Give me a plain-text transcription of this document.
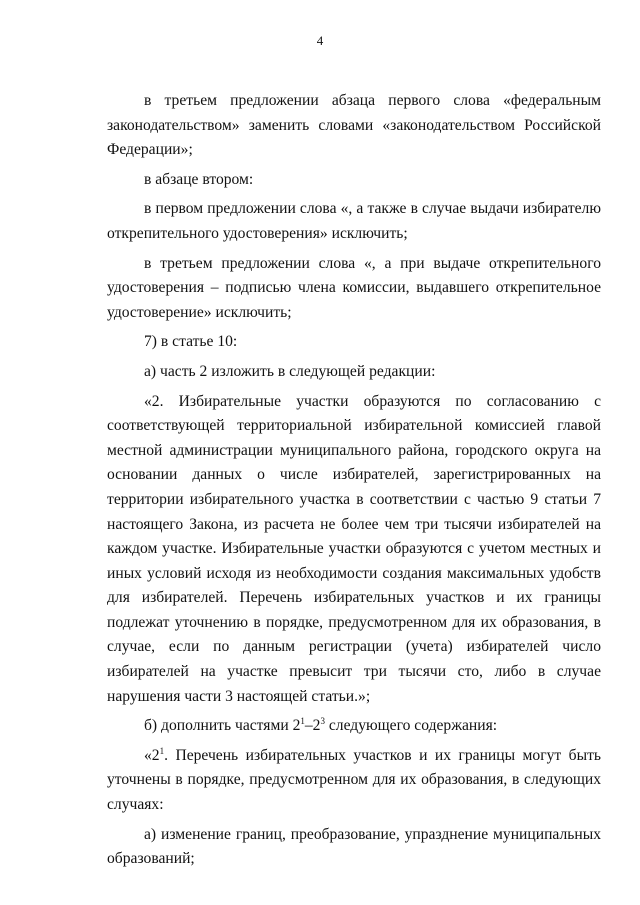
4

в третьем предложении абзаца первого слова «федеральным законодательством» заменить словами «законодательством Российской Федерации»;

в абзаце втором:

в первом предложении слова «, а также в случае выдачи избирателю открепительного удостоверения» исключить;

в третьем предложении слова «, а при выдаче открепительного удостоверения – подписью члена комиссии, выдавшего открепительное удостоверение» исключить;

7) в статье 10:

а) часть 2 изложить в следующей редакции:

«2. Избирательные участки образуются по согласованию с соответствующей территориальной избирательной комиссией главой местной администрации муниципального района, городского округа на основании данных о числе избирателей, зарегистрированных на территории избирательного участка в соответствии с частью 9 статьи 7 настоящего Закона, из расчета не более чем три тысячи избирателей на каждом участке. Избирательные участки образуются с учетом местных и иных условий исходя из необходимости создания максимальных удобств для избирателей. Перечень избирательных участков и их границы подлежат уточнению в порядке, предусмотренном для их образования, в случае, если по данным регистрации (учета) избирателей число избирателей на участке превысит три тысячи сто, либо в случае нарушения части 3 настоящей статьи.»;

б) дополнить частями $2^1-2^3$ следующего содержания:

«$2^1$. Перечень избирательных участков и их границы могут быть уточнены в порядке, предусмотренном для их образования, в следующих случаях:

а) изменение границ, преобразование, упразднение муниципальных образований;
